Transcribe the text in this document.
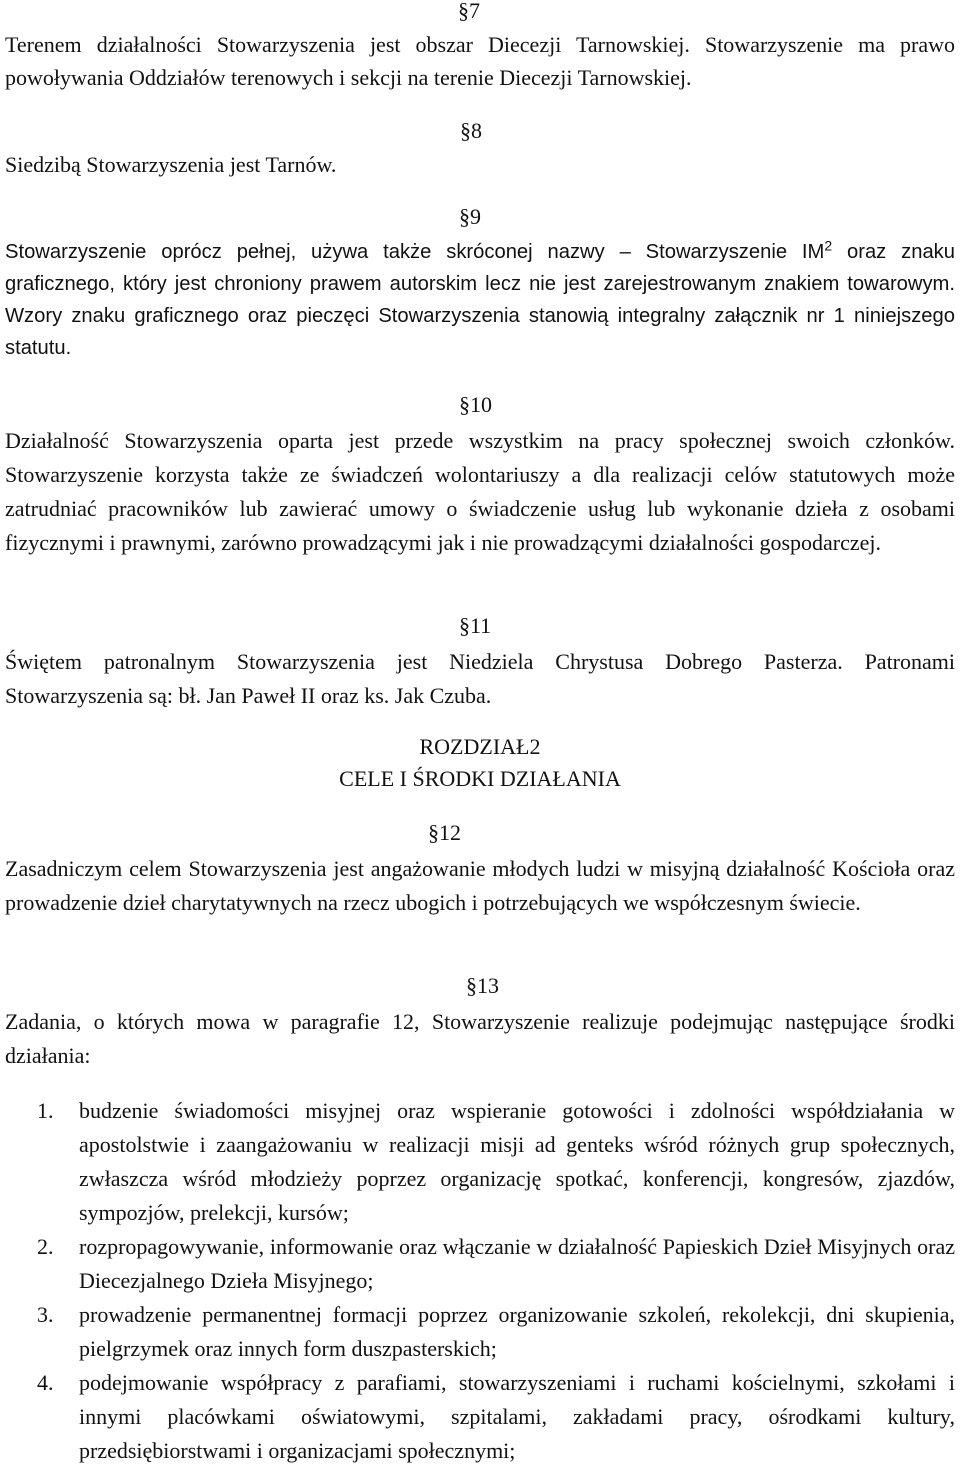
§7

Terenem działalności Stowarzyszenia jest obszar Diecezji Tarnowskiej. Stowarzyszenie ma prawo powoływania Oddziałów terenowych i sekcji na terenie Diecezji Tarnowskiej.

§8

Siedzibą Stowarzyszenia jest Tarnów.

§9

Stowarzyszenie oprócz pełnej, używa także skróconej nazwy – Stowarzyszenie $IM^2$ oraz znaku graficznego, który jest chroniony prawem autorskim lecz nie jest zarejestrowanym znakiem towarowym. Wzory znaku graficznego oraz pieczęci Stowarzyszenia stanowią integralny załącznik nr 1 niniejszego statutu.

§10

Działalność Stowarzyszenia oparta jest przede wszystkim na pracy społecznej swoich członków. Stowarzyszenie korzysta także ze świadczeń wolontariuszy a dla realizacji celów statutowych może zatrudniać pracowników lub zawierać umowy o świadczenie usług lub wykonanie dzieła z osobami fizycznymi i prawnymi, zarówno prowadzącymi jak i nie prowadzącymi działalności gospodarczej.

§11

Świętem patronalnym Stowarzyszenia jest Niedziela Chrystusa Dobrego Pasterza. Patronami Stowarzyszenia są: bł. Jan Paweł II oraz ks. Jak Czuba.

ROZDZIAŁ2

CELE I ŚRODKI DZIAŁANIA

§12

Zasadniczym celem Stowarzyszenia jest angażowanie młodych ludzi w misyjną działalność Kościoła oraz prowadzenie dzieł charytatywnych na rzecz ubogich i potrzebujących we współczesnym świecie.

§13

Zadania, o których mowa w paragrafie 12, Stowarzyszenie realizuje podejmując następujące środki działania:

1. budzenie świadomości misyjnej oraz wspieranie gotowości i zdolności współdziałania w apostolstwie i zaangażowaniu w realizacji misji ad genteks wśród różnych grup społecznych, zwłaszcza wśród młodzieży poprzez organizację spotkać, konferencji, kongresów, zjazdów, sympozjów, prelekcji, kursów;
2. rozpropagowywanie, informowanie oraz włączanie w działalność Papieskich Dzieł Misyjnych oraz Diecezjalnego Dzieła Misyjnego;
3. prowadzenie permanentnej formacji poprzez organizowanie szkoleń, rekolekcji, dni skupienia, pielgrzymek oraz innych form duszpasterskich;
4. podejmowanie współpracy z parafiami, stowarzyszeniami i ruchami kościelnymi, szkołami i innymi placówkami oświatowymi, szpitalami, zakładami pracy, ośrodkami kultury, przedsiębiorstwami i organizacjami społecznymi;
